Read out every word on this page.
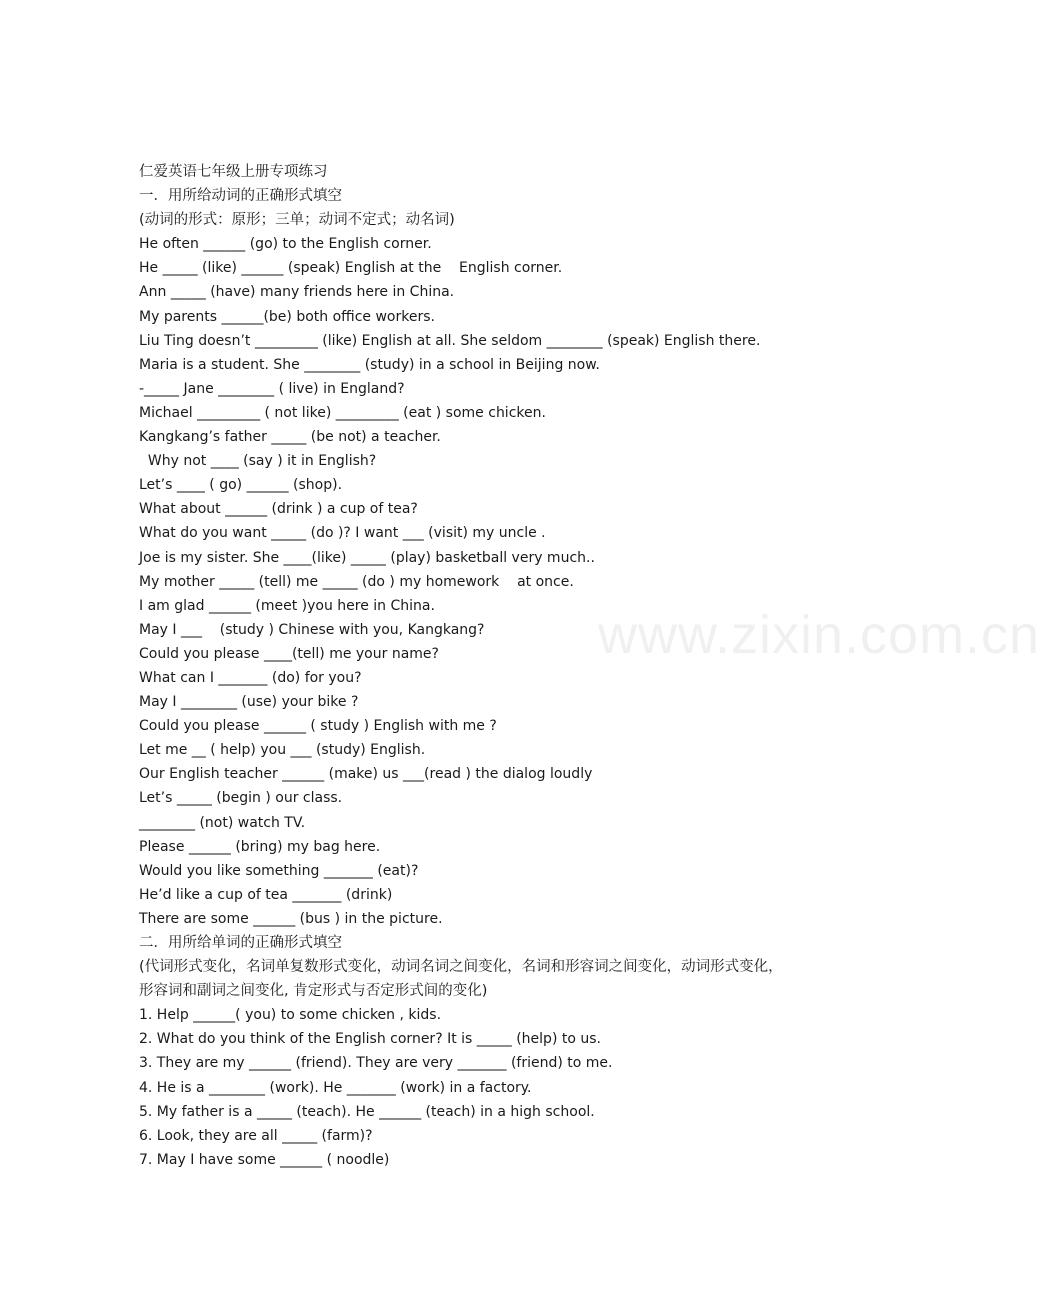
www.zixin.com.cn
仁爱英语七年级上册专项练习
一．用所给动词的正确形式填空
(动词的形式：原形；三单；动词不定式；动名词)
He often ______ (go) to the English corner.
He _____ (like) ______ (speak) English at the    English corner.
Ann _____ (have) many friends here in China.
My parents ______(be) both office workers.
Liu Ting doesn’t _________ (like) English at all. She seldom ________ (speak) English there.
Maria is a student. She ________ (study) in a school in Beijing now.
-_____ Jane ________ ( live) in England?
Michael _________ ( not like) _________ (eat ) some chicken.
Kangkang’s father _____ (be not) a teacher.
Why not ____ (say ) it in English?
Let’s ____ ( go) ______ (shop).
What about ______ (drink ) a cup of tea?
What do you want _____ (do )? I want ___ (visit) my uncle .
Joe is my sister. She ____(like) _____ (play) basketball very much..
My mother _____ (tell) me _____ (do ) my homework    at once.
I am glad ______ (meet )you here in China.
May I ___    (study ) Chinese with you, Kangkang?
Could you please ____(tell) me your name?
What can I _______ (do) for you?
May I ________ (use) your bike ?
Could you please ______ ( study ) English with me ?
Let me __ ( help) you ___ (study) English.
Our English teacher ______ (make) us ___(read ) the dialog loudly
Let’s _____ (begin ) our class.
________ (not) watch TV.
Please ______ (bring) my bag here.
Would you like something _______ (eat)?
He’d like a cup of tea _______ (drink)
There are some ______ (bus ) in the picture.
二．用所给单词的正确形式填空
(代词形式变化，名词单复数形式变化，动词名词之间变化，名词和形容词之间变化，动词形式变化，形容词和副词之间变化, 肯定形式与否定形式间的变化)
1. Help ______( you) to some chicken , kids.
2. What do you think of the English corner? It is _____ (help) to us.
3. They are my ______ (friend). They are very _______ (friend) to me.
4. He is a ________ (work). He _______ (work) in a factory.
5. My father is a _____ (teach). He ______ (teach) in a high school.
6. Look, they are all _____ (farm)?
7. May I have some ______ ( noodle)
